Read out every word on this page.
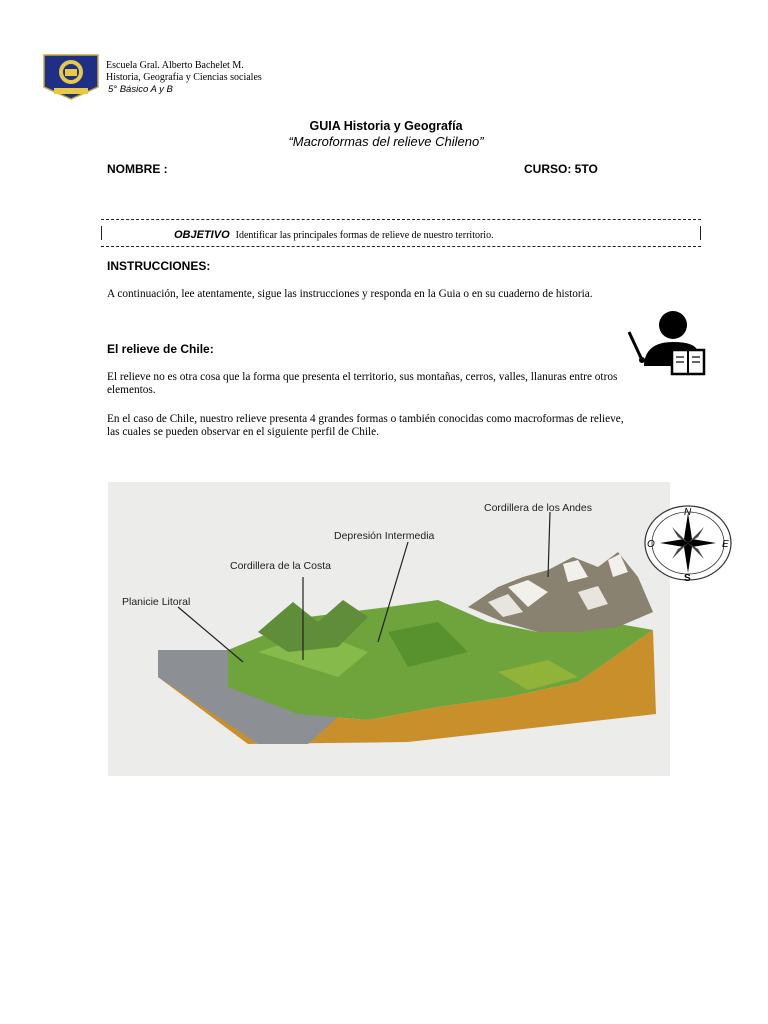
Escuela Gral. Alberto Bachelet M.
Historia, Geografía y Ciencias sociales
5° Básico A y B
GUIA Historia y Geografía
“Macroformas del relieve Chileno”
NOMBRE :	CURSO: 5TO
OBJETIVO Identificar las principales formas de relieve de nuestro territorio.
INSTRUCCIONES:
A continuación, lee atentamente, sigue las instrucciones y responda en la Guia o en su cuaderno de historia.
El relieve de Chile:
El relieve no es otra cosa que la forma que presenta el territorio, sus montañas, cerros, valles, llanuras entre otros elementos.
En el caso de Chile, nuestro relieve presenta 4 grandes formas o también conocidas como macroformas de relieve, las cuales se pueden observar en el siguiente perfil de Chile.
Cordillera de los Andes
Depresión Intermedia
Cordillera de la Costa
Planicie Litoral
N
S
E
O
